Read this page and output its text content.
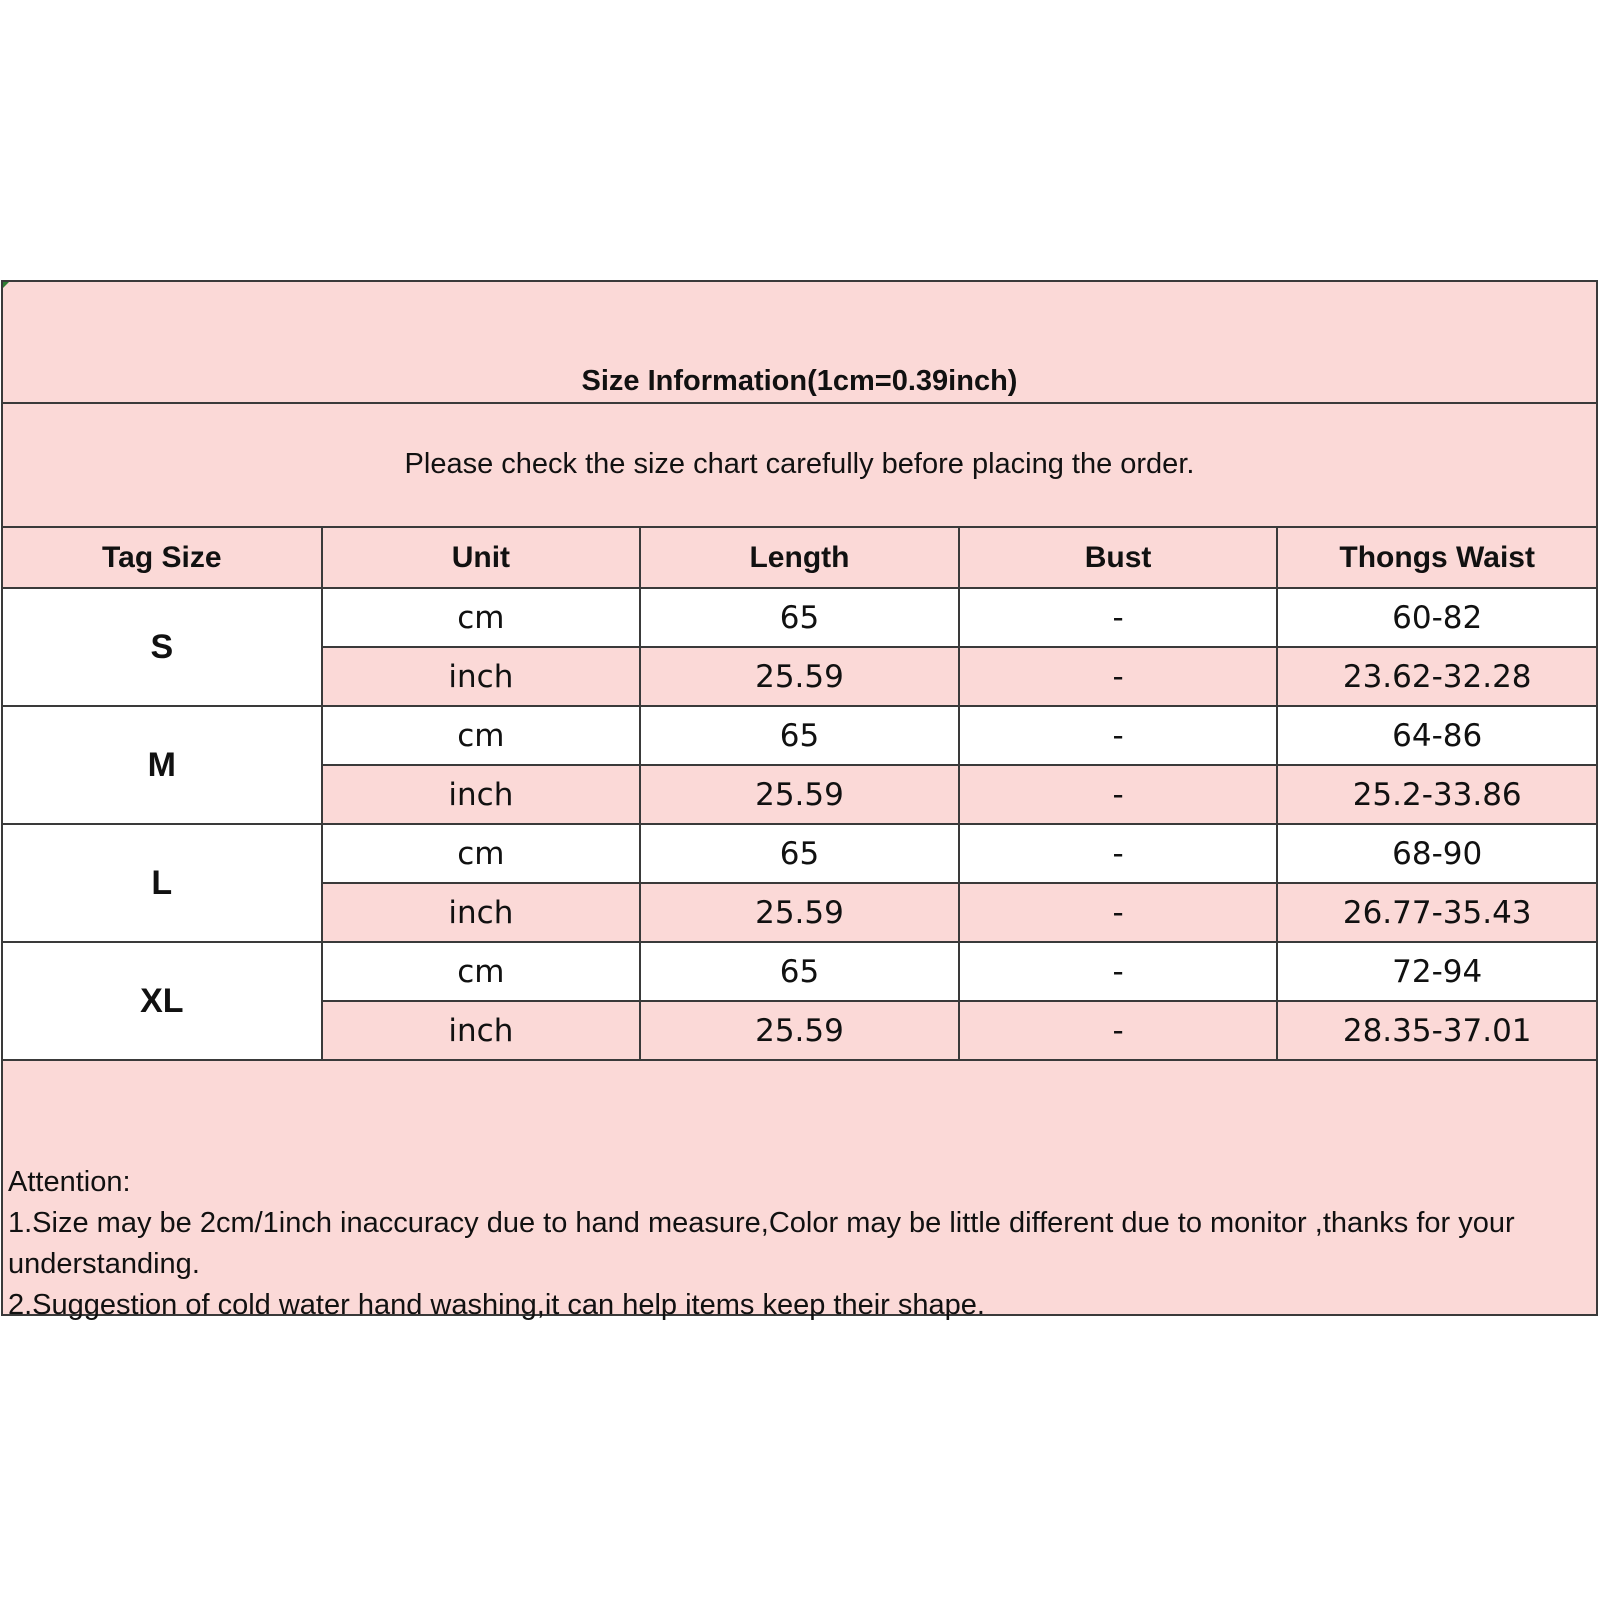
Size Information(1cm=0.39inch)
Please check the size chart carefully before placing the order.
Tag Size	Unit	Length	Bust	Thongs Waist
S	cm	65	-	60-82
	inch	25.59	-	23.62-32.28
M	cm	65	-	64-86
	inch	25.59	-	25.2-33.86
L	cm	65	-	68-90
	inch	25.59	-	26.77-35.43
XL	cm	65	-	72-94
	inch	25.59	-	28.35-37.01
Attention:
1.Size may be 2cm/1inch inaccuracy due to hand measure,Color may be little different due to monitor ,thanks for your understanding.
2.Suggestion of cold water hand washing,it can help items keep their shape.
